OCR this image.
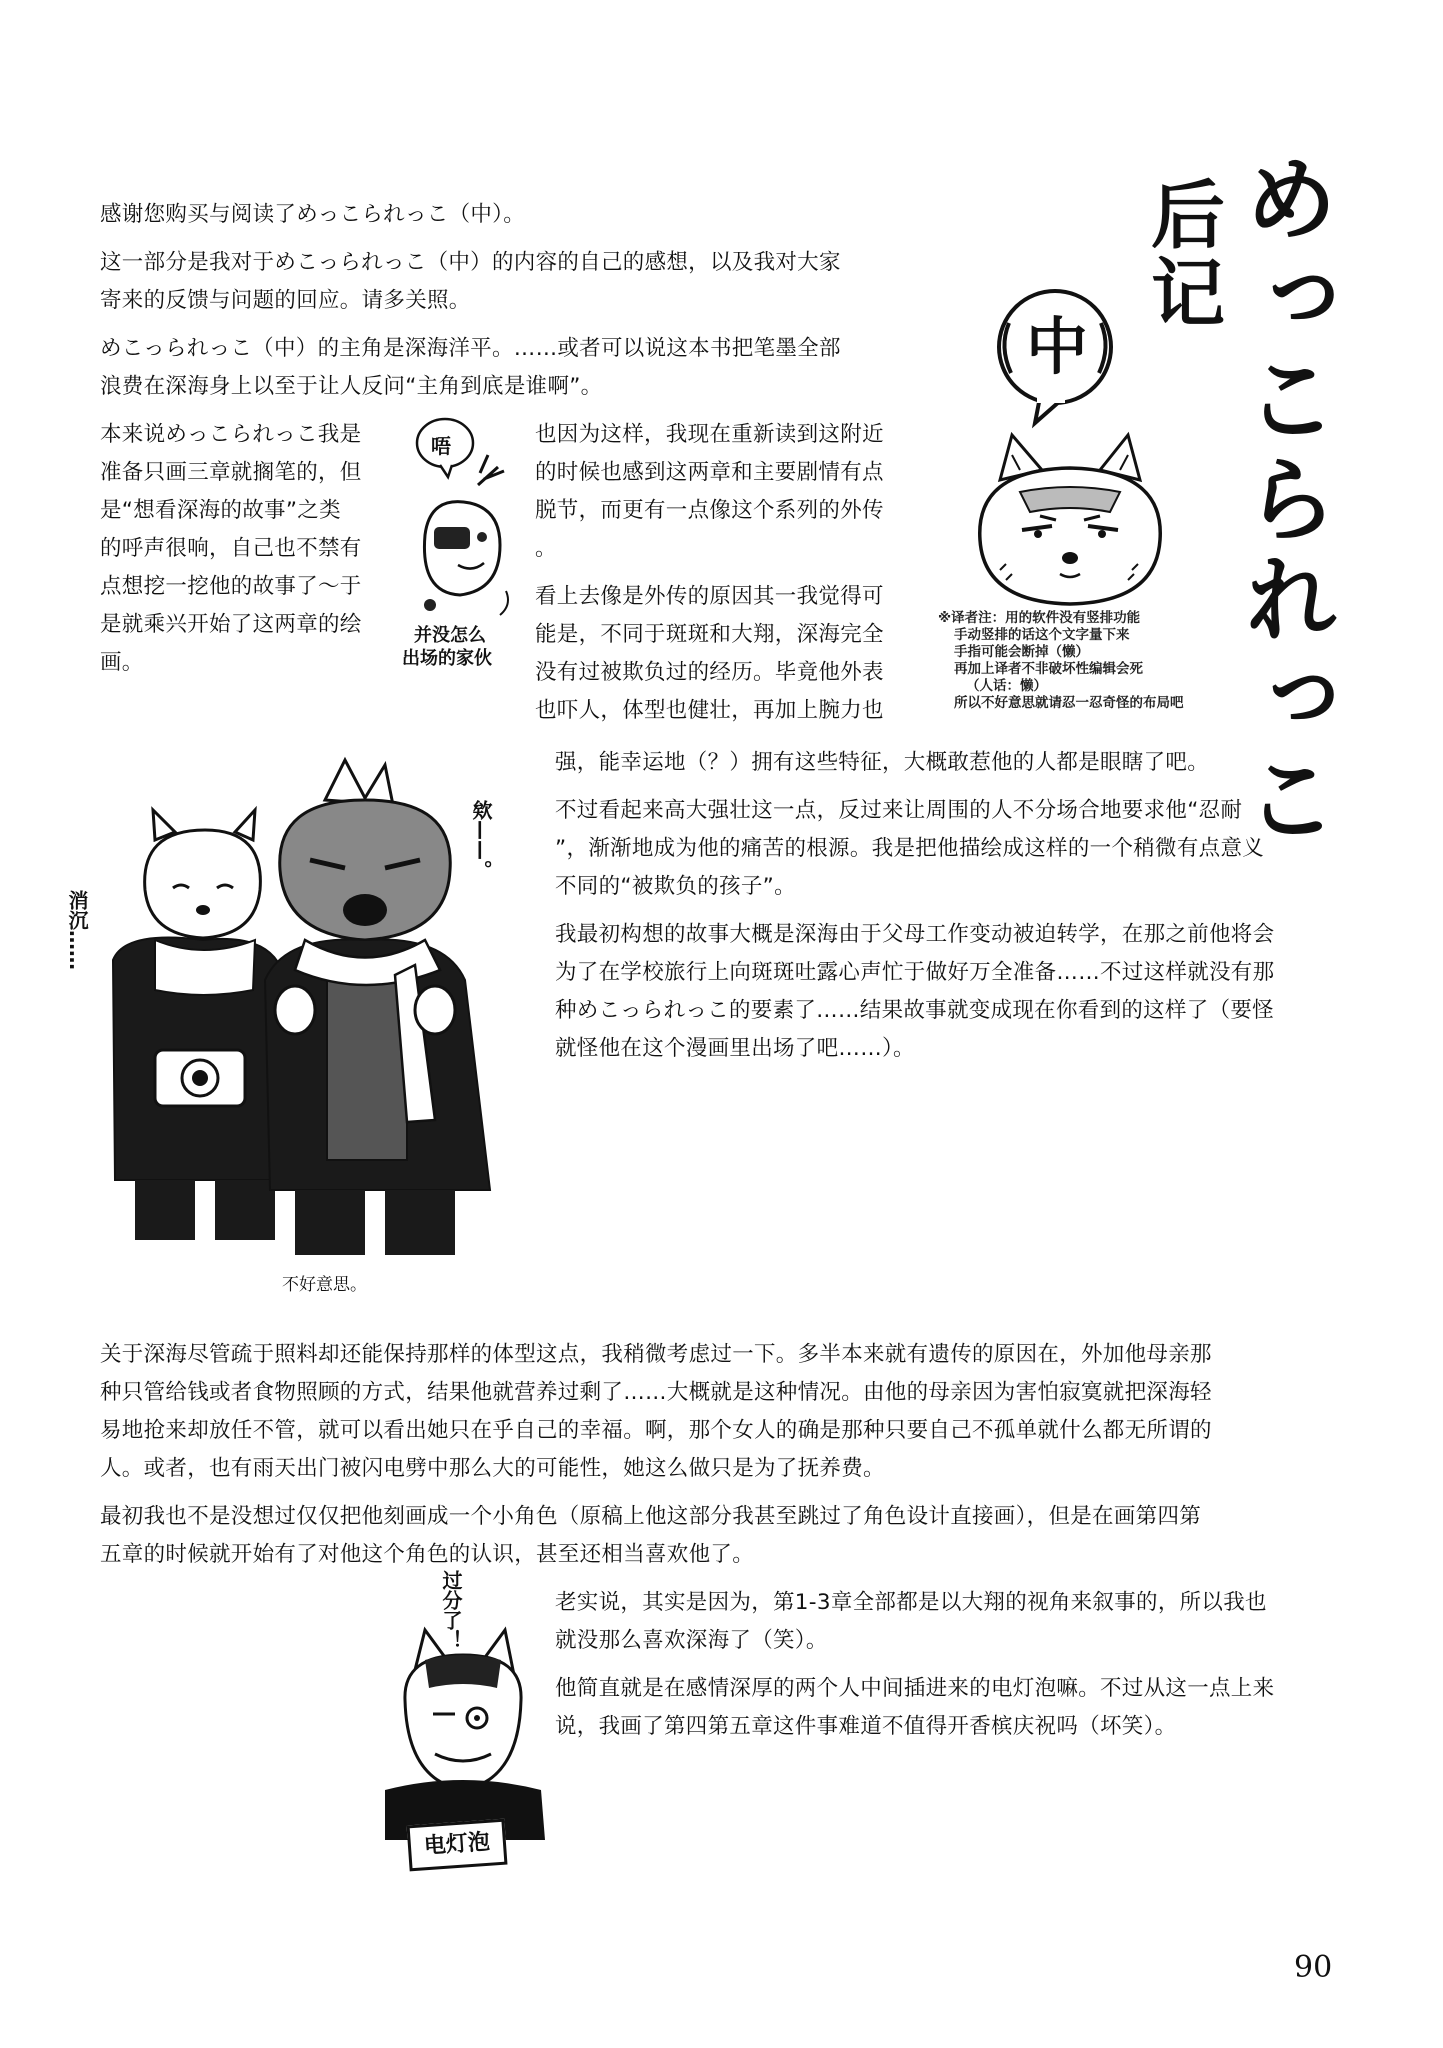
感谢您购买与阅读了めっこられっこ（中）。

这一部分是我对于めこっられっこ（中）的内容的自己的感想，以及我对大家

寄来的反馈与问题的回应。请多关照。

めこっられっこ（中）的主角是深海洋平。……或者可以说这本书把笔墨全部

浪费在深海身上以至于让人反问“主角到底是谁啊”。

本来说めっこられっこ我是
准备只画三章就搁笔的，但
是“想看深海的故事”之类
的呼声很响，自己也不禁有
点想挖一挖他的故事了～于
是就乘兴开始了这两章的绘
画。
也因为这样，我现在重新读到这附近
的时候也感到这两章和主要剧情有点
脱节，而更有一点像这个系列的外传
。
看上去像是外传的原因其一我觉得可
能是，不同于斑斑和大翔，深海完全
没有过被欺负过的经历。毕竟他外表
也吓人，体型也健壮，再加上腕力也
唔
并没怎么
出场的家伙	めっこられっこ
后记
中
※译者注：用的软件没有竖排功能
手动竖排的话这个文字量下来
手指可能会断掉（懒）
再加上译者不非破坏性编辑会死
（人话：懒）
所以不好意思就请忍一忍奇怪的布局吧
强，能幸运地（？）拥有这些特征，大概敢惹他的人都是眼瞎了吧。
不过看起来高大强壮这一点，反过来让周围的人不分场合地要求他“忍耐
”，渐渐地成为他的痛苦的根源。我是把他描绘成这样的一个稍微有点意义
不同的“被欺负的孩子”。
我最初构想的故事大概是深海由于父母工作变动被迫转学，在那之前他将会
为了在学校旅行上向斑斑吐露心声忙于做好万全准备……不过这样就没有那
种めこっられっこ的要素了……结果故事就变成现在你看到的这样了（要怪
就怪他在这个漫画里出场了吧……）。
欸——。
消沉……
不好意思。
关于深海尽管疏于照料却还能保持那样的体型这点，我稍微考虑过一下。多半本来就有遗传的原因在，外加他母亲那
种只管给钱或者食物照顾的方式，结果他就营养过剩了……大概就是这种情况。由他的母亲因为害怕寂寞就把深海轻
易地抢来却放任不管，就可以看出她只在乎自己的幸福。啊，那个女人的确是那种只要自己不孤单就什么都无所谓的
人。或者，也有雨天出门被闪电劈中那么大的可能性，她这么做只是为了抚养费。
最初我也不是没想过仅仅把他刻画成一个小角色（原稿上他这部分我甚至跳过了角色设计直接画），但是在画第四第
五章的时候就开始有了对他这个角色的认识，甚至还相当喜欢他了。
老实说，其实是因为，第1-3章全部都是以大翔的视角来叙事的，所以我也
就没那么喜欢深海了（笑）。
他简直就是在感情深厚的两个人中间插进来的电灯泡嘛。不过从这一点上来
说，我画了第四第五章这件事难道不值得开香槟庆祝吗（坏笑）。
过分了！
电灯泡
90
